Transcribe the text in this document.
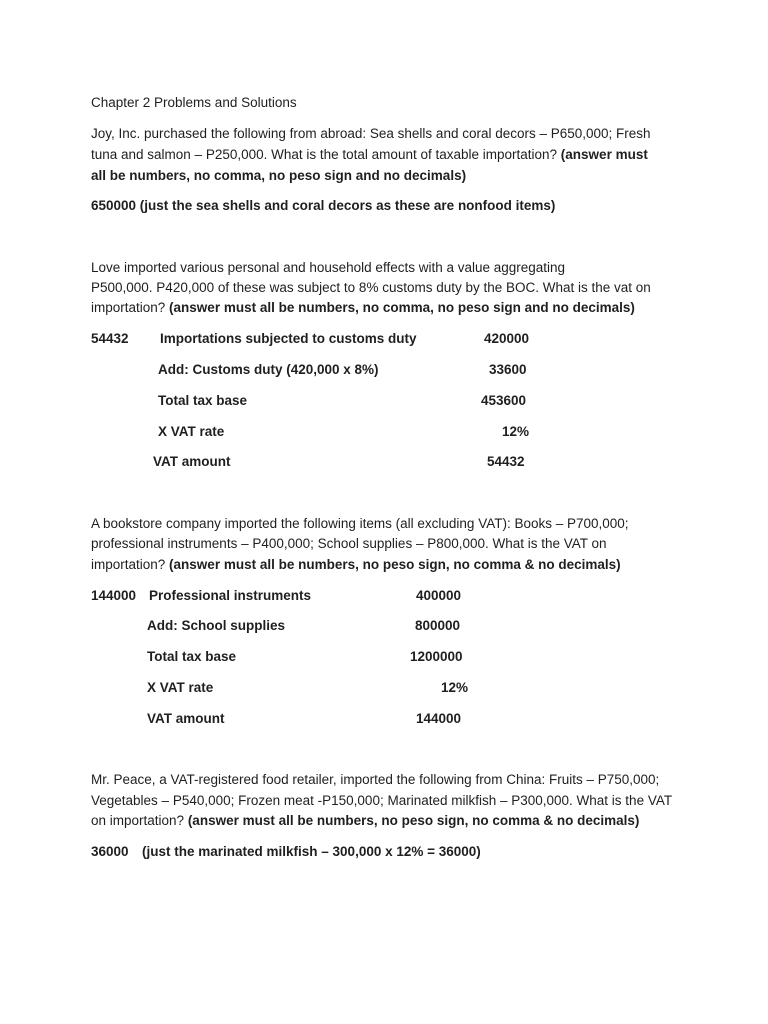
Chapter 2 Problems and Solutions
Joy, Inc. purchased the following from abroad: Sea shells and coral decors – P650,000; Fresh
tuna and salmon – P250,000. What is the total amount of taxable importation? (answer must
all be numbers, no comma, no peso sign and no decimals)
650000 (just the sea shells and coral decors as these are nonfood items)
Love imported various personal and household effects with a value aggregating
P500,000. P420,000 of these was subject to 8% customs duty by the BOC. What is the vat on
importation? (answer must all be numbers, no comma, no peso sign and no decimals)
54432 Importations subjected to customs duty	420000
Add: Customs duty (420,000 x 8%)	33600
Total tax base	453600
X VAT rate	12%
VAT amount	54432
A bookstore company imported the following items (all excluding VAT): Books – P700,000;
professional instruments – P400,000; School supplies – P800,000. What is the VAT on
importation? (answer must all be numbers, no peso sign, no comma & no decimals)
144000 Professional instruments	400000
Add: School supplies	800000
Total tax base	1200000
X VAT rate	12%
VAT amount	144000
Mr. Peace, a VAT-registered food retailer, imported the following from China: Fruits – P750,000;
Vegetables – P540,000; Frozen meat -P150,000; Marinated milkfish – P300,000. What is the VAT
on importation? (answer must all be numbers, no peso sign, no comma & no decimals)
36000 (just the marinated milkfish – 300,000 x 12% = 36000)
